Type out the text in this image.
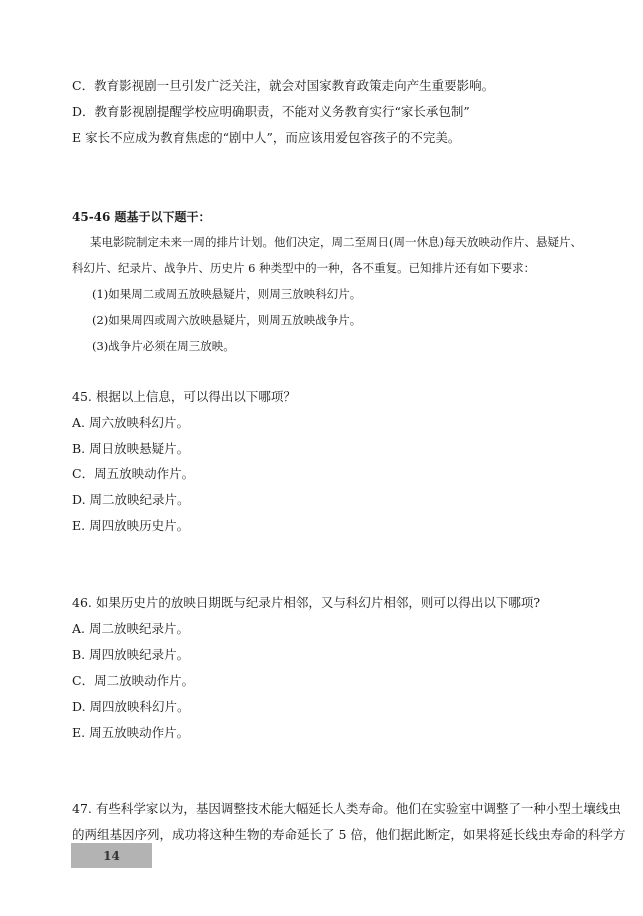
C．教育影视剧一旦引发广泛关注，就会对国家教育政策走向产生重要影响。
D．教育影视剧提醒学校应明确职责，不能对义务教育实行“家长承包制”
E 家长不应成为教育焦虑的“剧中人”，而应该用爱包容孩子的不完美。
45-46 题基于以下题干：
某电影院制定未来一周的排片计划。他们决定，周二至周日(周一休息)每天放映动作片、悬疑片、
科幻片、纪录片、战争片、历史片 6 种类型中的一种，各不重复。已知排片还有如下要求：
(1)如果周二或周五放映悬疑片，则周三放映科幻片。
(2)如果周四或周六放映悬疑片，则周五放映战争片。
(3)战争片必须在周三放映。
45. 根据以上信息，可以得出以下哪项？
A. 周六放映科幻片。
B. 周日放映悬疑片。
C．周五放映动作片。
D. 周二放映纪录片。
E. 周四放映历史片。
46. 如果历史片的放映日期既与纪录片相邻，又与科幻片相邻，则可以得出以下哪项?
A. 周二放映纪录片。
B. 周四放映纪录片。
C．周二放映动作片。
D. 周四放映科幻片。
E. 周五放映动作片。
47. 有些科学家以为，基因调整技术能大幅延长人类寿命。他们在实验室中调整了一种小型土壤线虫
的两组基因序列，成功将这种生物的寿命延长了 5 倍，他们据此断定，如果将延长线虫寿命的科学方
14
